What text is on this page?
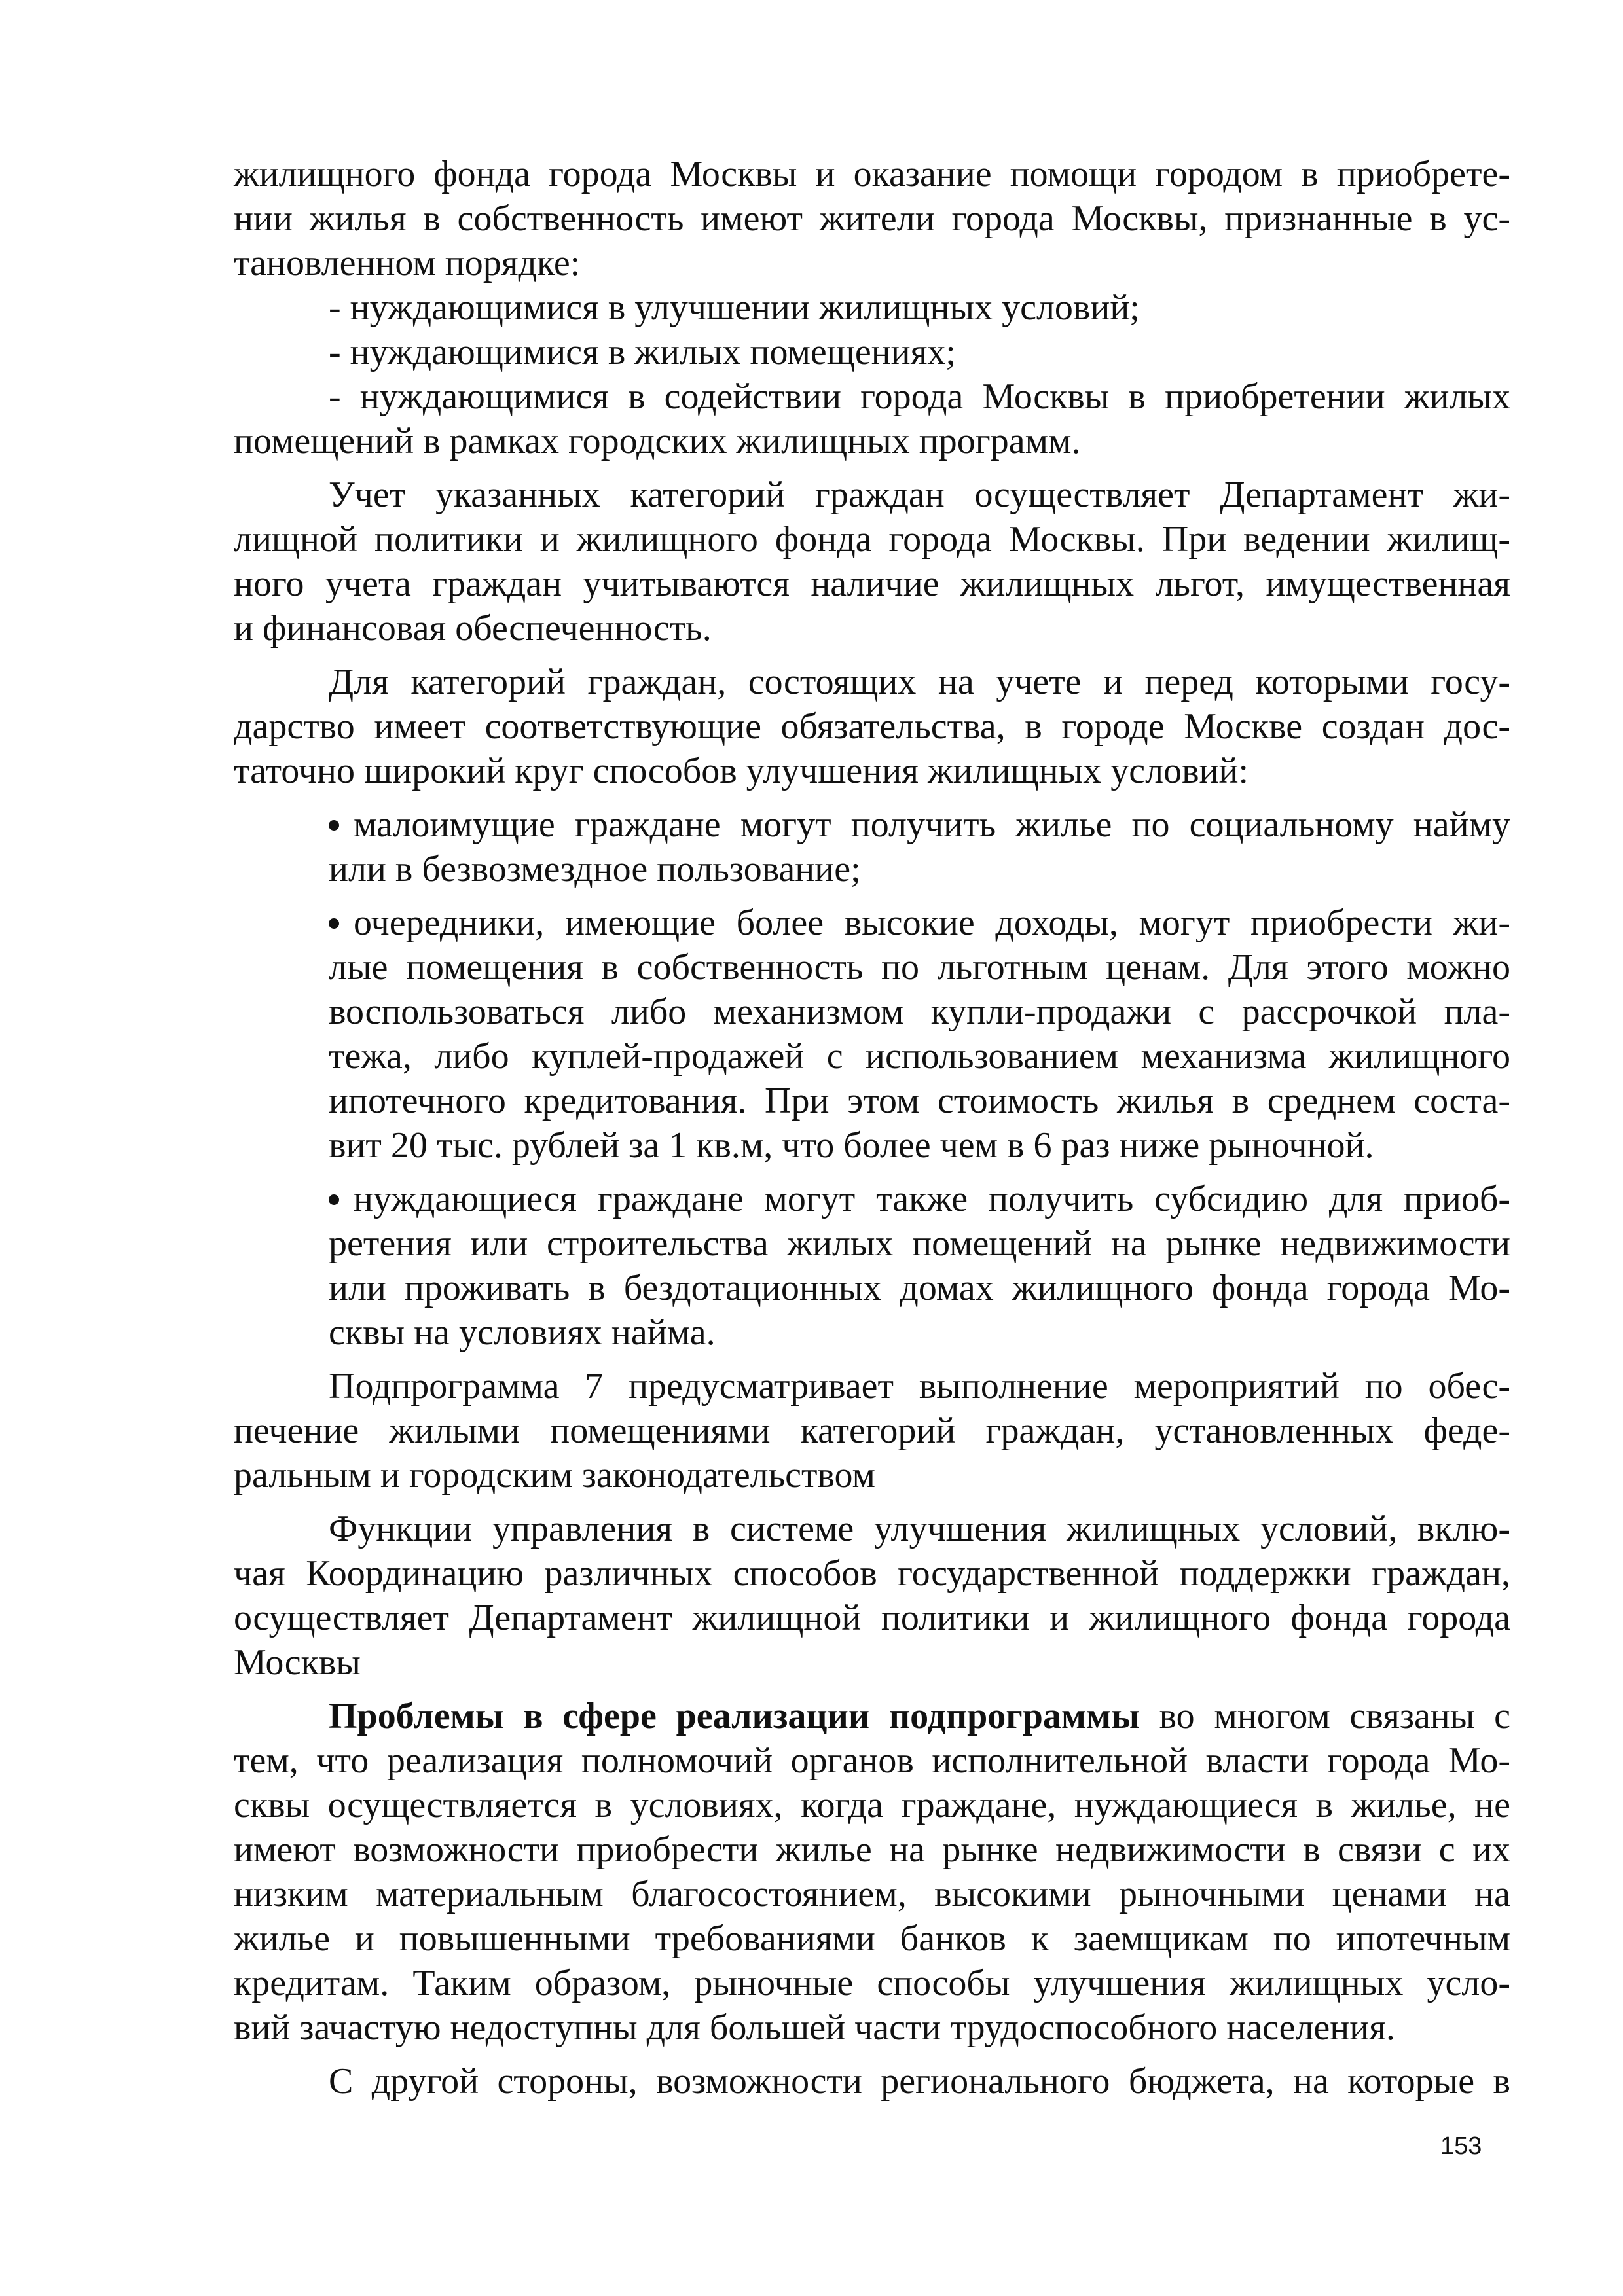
жилищного фонда города Москвы и оказание помощи городом в приобрете-
нии жилья в собственность имеют жители города Москвы, признанные в ус-
тановленном порядке:
- нуждающимися в улучшении жилищных условий;
- нуждающимися в жилых помещениях;
- нуждающимися в содействии города Москвы в приобретении жилых
помещений в рамках городских жилищных программ.
Учет указанных категорий граждан осуществляет Департамент жи-
лищной политики и жилищного фонда города Москвы. При ведении жилищ-
ного учета граждан учитываются наличие жилищных льгот, имущественная
и финансовая обеспеченность.
Для категорий граждан, состоящих на учете и перед которыми госу-
дарство имеет соответствующие обязательства, в городе Москве создан дос-
таточно широкий круг способов улучшения жилищных условий:
малоимущие граждане могут получить жилье по социальному найму
или в безвозмездное пользование;
очередники, имеющие более высокие доходы, могут приобрести жи-
лые помещения в собственность по льготным ценам. Для этого можно
воспользоваться либо механизмом купли-продажи с рассрочкой пла-
тежа, либо куплей-продажей с использованием механизма жилищного
ипотечного кредитования. При этом стоимость жилья в среднем соста-
вит 20 тыс. рублей за 1 кв.м, что более чем в 6 раз ниже рыночной.
нуждающиеся граждане могут также получить субсидию для приоб-
ретения или строительства жилых помещений на рынке недвижимости
или проживать в бездотационных домах жилищного фонда города Мо-
сквы на условиях найма.
Подпрограмма 7 предусматривает выполнение мероприятий по обес-
печение жилыми помещениями категорий граждан, установленных феде-
ральным и городским законодательством
Функции управления в системе улучшения жилищных условий, вклю-
чая Координацию различных способов государственной поддержки граждан,
осуществляет Департамент жилищной политики и жилищного фонда города
Москвы
Проблемы в сфере реализации подпрограммы во многом связаны с
тем, что реализация полномочий органов исполнительной власти города Мо-
сквы осуществляется в условиях, когда граждане, нуждающиеся в жилье, не
имеют возможности приобрести жилье на рынке недвижимости в связи с их
низким материальным благосостоянием, высокими рыночными ценами на
жилье и повышенными требованиями банков к заемщикам по ипотечным
кредитам. Таким образом, рыночные способы улучшения жилищных усло-
вий зачастую недоступны для большей части трудоспособного населения.
С другой стороны, возможности регионального бюджета, на которые в
153
